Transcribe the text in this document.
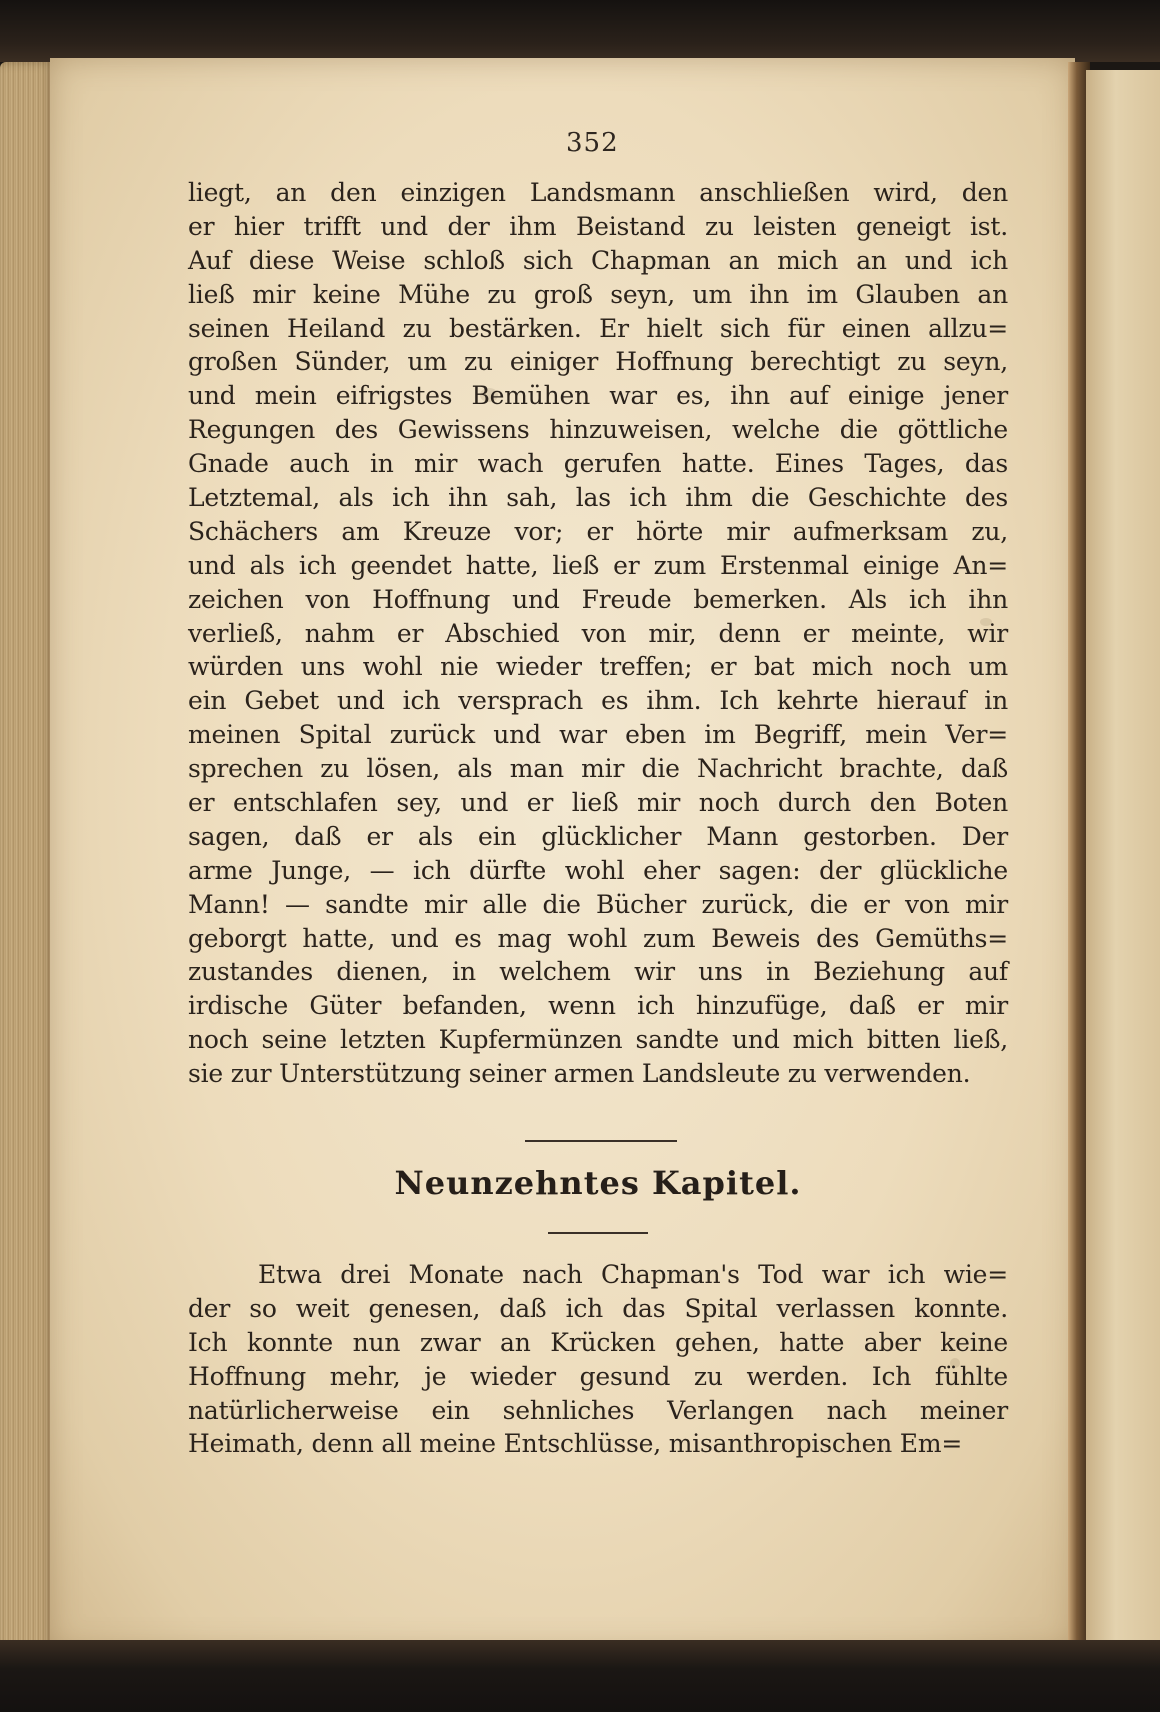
352
liegt, an den einzigen Landsmann anschließen wird, den
er hier trifft und der ihm Beistand zu leisten geneigt ist.
Auf diese Weise schloß sich Chapman an mich an und ich
ließ mir keine Mühe zu groß seyn, um ihn im Glauben an
seinen Heiland zu bestärken. Er hielt sich für einen allzu=
großen Sünder, um zu einiger Hoffnung berechtigt zu seyn,
und mein eifrigstes Bemühen war es, ihn auf einige jener
Regungen des Gewissens hinzuweisen, welche die göttliche
Gnade auch in mir wach gerufen hatte. Eines Tages, das
Letztemal, als ich ihn sah, las ich ihm die Geschichte des
Schächers am Kreuze vor; er hörte mir aufmerksam zu,
und als ich geendet hatte, ließ er zum Erstenmal einige An=
zeichen von Hoffnung und Freude bemerken. Als ich ihn
verließ, nahm er Abschied von mir, denn er meinte, wir
würden uns wohl nie wieder treffen; er bat mich noch um
ein Gebet und ich versprach es ihm. Ich kehrte hierauf in
meinen Spital zurück und war eben im Begriff, mein Ver=
sprechen zu lösen, als man mir die Nachricht brachte, daß
er entschlafen sey, und er ließ mir noch durch den Boten
sagen, daß er als ein glücklicher Mann gestorben. Der
arme Junge, — ich dürfte wohl eher sagen: der glückliche
Mann! — sandte mir alle die Bücher zurück, die er von mir
geborgt hatte, und es mag wohl zum Beweis des Gemüths=
zustandes dienen, in welchem wir uns in Beziehung auf
irdische Güter befanden, wenn ich hinzufüge, daß er mir
noch seine letzten Kupfermünzen sandte und mich bitten ließ,
sie zur Unterstützung seiner armen Landsleute zu verwenden.
Neunzehntes Kapitel.
Etwa drei Monate nach Chapman's Tod war ich wie=
der so weit genesen, daß ich das Spital verlassen konnte.
Ich konnte nun zwar an Krücken gehen, hatte aber keine
Hoffnung mehr, je wieder gesund zu werden. Ich fühlte
natürlicherweise ein sehnliches Verlangen nach meiner
Heimath, denn all meine Entschlüsse, misanthropischen Em=
